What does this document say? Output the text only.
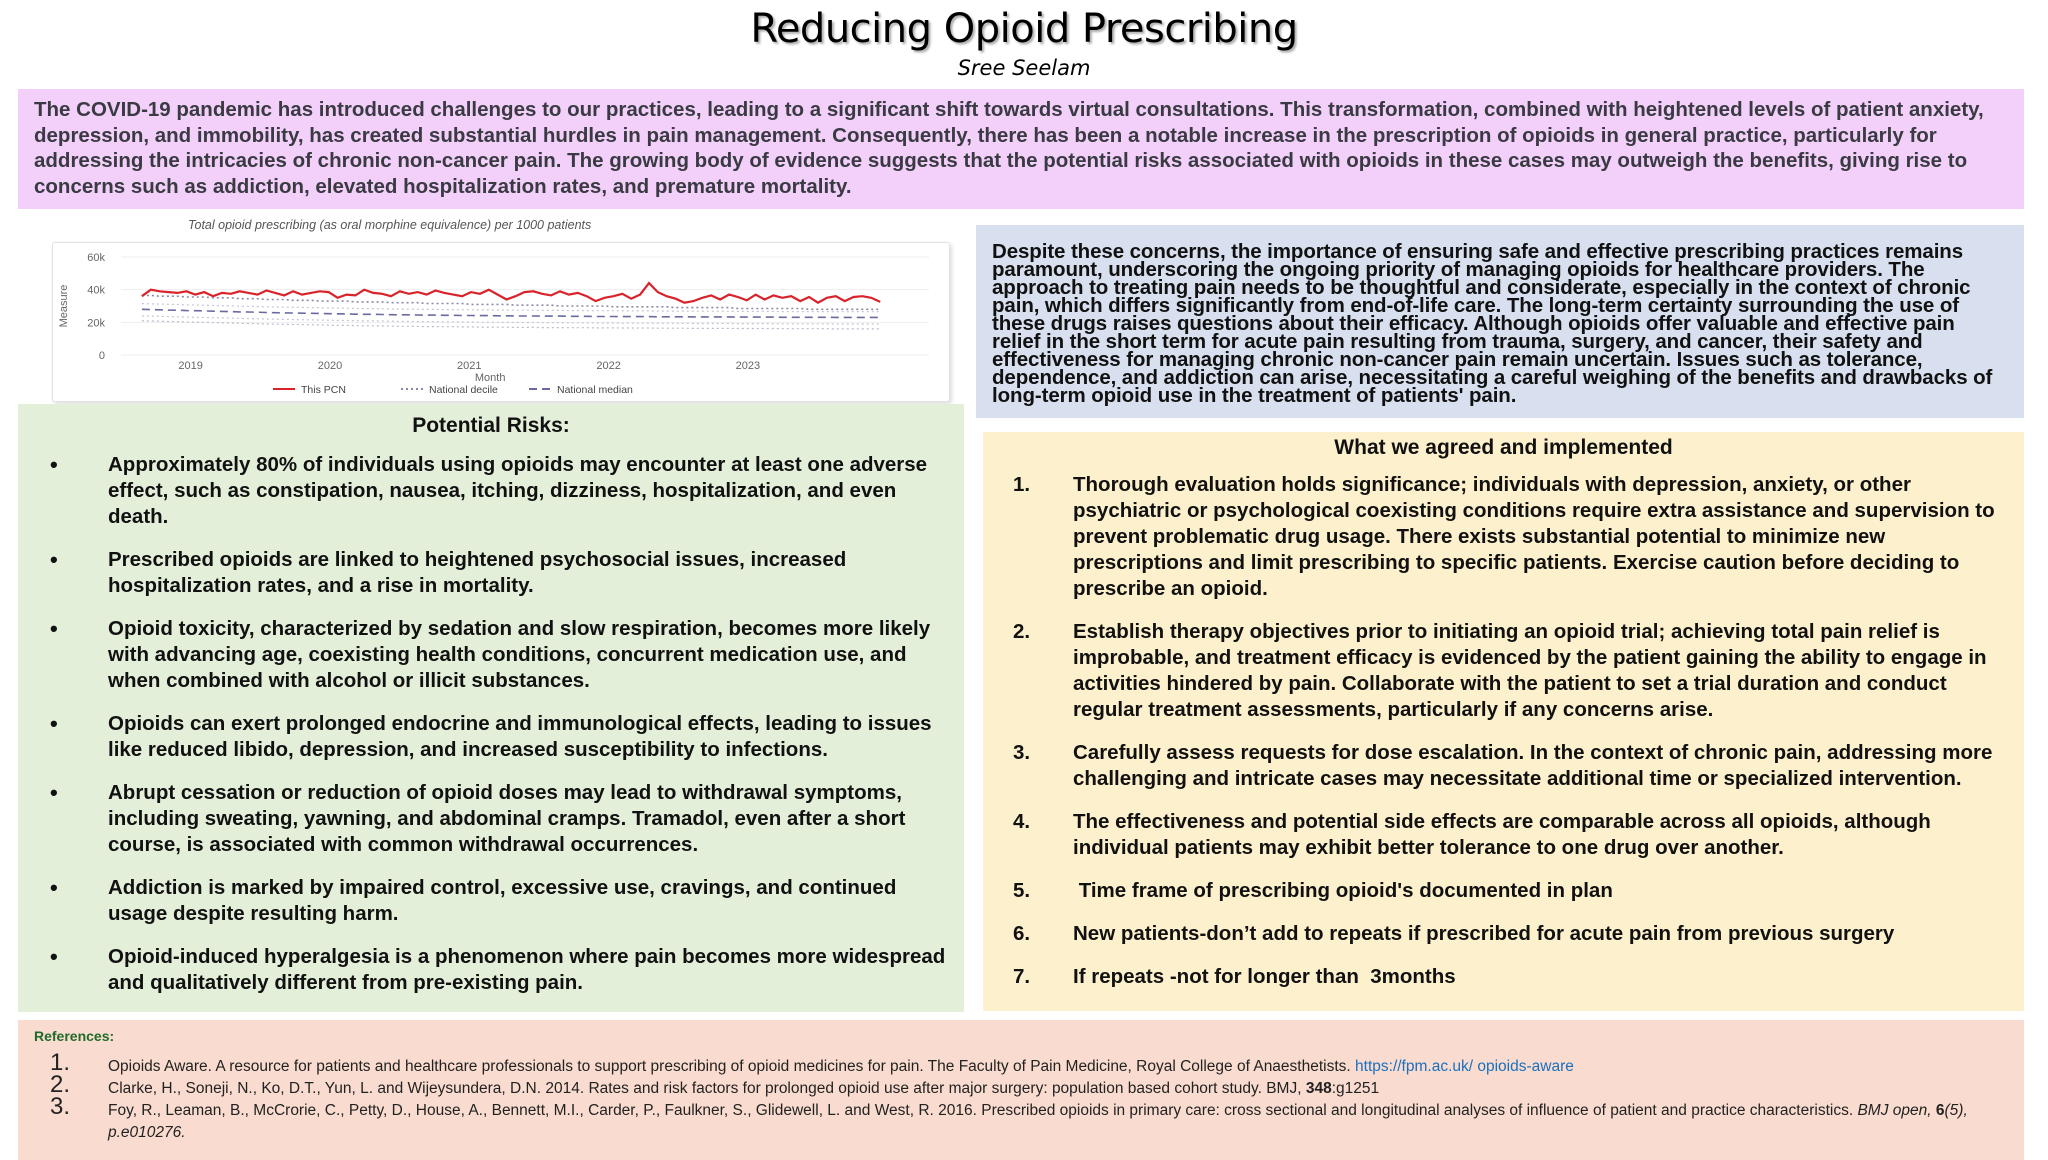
Reducing Opioid Prescribing
Sree Seelam
The COVID-19 pandemic has introduced challenges to our practices, leading to a significant shift towards virtual consultations. This transformation, combined with heightened levels of patient anxiety, depression, and immobility, has created substantial hurdles in pain management. Consequently, there has been a notable increase in the prescription of opioids in general practice, particularly for addressing the intricacies of chronic non-cancer pain. The growing body of evidence suggests that the potential risks associated with opioids in these cases may outweigh the benefits, giving rise to concerns such as addiction, elevated hospitalization rates, and premature mortality.
Total opioid prescribing (as oral morphine equivalence) per 1000 patients
0
20k
40k
60k
Measure
2019	2020	2021	2022	2023
Month
This PCN	National decile	National median
Potential Risks:
• Approximately 80% of individuals using opioids may encounter at least one adverse effect, such as constipation, nausea, itching, dizziness, hospitalization, and even death.
• Prescribed opioids are linked to heightened psychosocial issues, increased hospitalization rates, and a rise in mortality.
• Opioid toxicity, characterized by sedation and slow respiration, becomes more likely with advancing age, coexisting health conditions, concurrent medication use, and when combined with alcohol or illicit substances.
• Opioids can exert prolonged endocrine and immunological effects, leading to issues like reduced libido, depression, and increased susceptibility to infections.
• Abrupt cessation or reduction of opioid doses may lead to withdrawal symptoms, including sweating, yawning, and abdominal cramps. Tramadol, even after a short course, is associated with common withdrawal occurrences.
• Addiction is marked by impaired control, excessive use, cravings, and continued usage despite resulting harm.
• Opioid-induced hyperalgesia is a phenomenon where pain becomes more widespread and qualitatively different from pre-existing pain.
Despite these concerns, the importance of ensuring safe and effective prescribing practices remains paramount, underscoring the ongoing priority of managing opioids for healthcare providers. The approach to treating pain needs to be thoughtful and considerate, especially in the context of chronic pain, which differs significantly from end-of-life care. The long-term certainty surrounding the use of these drugs raises questions about their efficacy. Although opioids offer valuable and effective pain relief in the short term for acute pain resulting from trauma, surgery, and cancer, their safety and effectiveness for managing chronic non-cancer pain remain uncertain. Issues such as tolerance, dependence, and addiction can arise, necessitating a careful weighing of the benefits and drawbacks of long-term opioid use in the treatment of patients' pain.
What we agreed and implemented
1. Thorough evaluation holds significance; individuals with depression, anxiety, or other psychiatric or psychological coexisting conditions require extra assistance and supervision to prevent problematic drug usage. There exists substantial potential to minimize new prescriptions and limit prescribing to specific patients. Exercise caution before deciding to prescribe an opioid.
2. Establish therapy objectives prior to initiating an opioid trial; achieving total pain relief is improbable, and treatment efficacy is evidenced by the patient gaining the ability to engage in activities hindered by pain. Collaborate with the patient to set a trial duration and conduct regular treatment assessments, particularly if any concerns arise.
3. Carefully assess requests for dose escalation. In the context of chronic pain, addressing more challenging and intricate cases may necessitate additional time or specialized intervention.
4. The effectiveness and potential side effects are comparable across all opioids, although individual patients may exhibit better tolerance to one drug over another.
5. Time frame of prescribing opioid's documented in plan
6. New patients-don’t add to repeats if prescribed for acute pain from previous surgery
7. If repeats -not for longer than  3months
References:
1. Opioids Aware. A resource for patients and healthcare professionals to support prescribing of opioid medicines for pain. The Faculty of Pain Medicine, Royal College of Anaesthetists. https://fpm.ac.uk/ opioids-aware
2. Clarke, H., Soneji, N., Ko, D.T., Yun, L. and Wijeysundera, D.N. 2014. Rates and risk factors for prolonged opioid use after major surgery: population based cohort study. BMJ, 348:g1251
3. Foy, R., Leaman, B., McCrorie, C., Petty, D., House, A., Bennett, M.I., Carder, P., Faulkner, S., Glidewell, L. and West, R. 2016. Prescribed opioids in primary care: cross sectional and longitudinal analyses of influence of patient and practice characteristics. BMJ open, 6(5), p.e010276.
